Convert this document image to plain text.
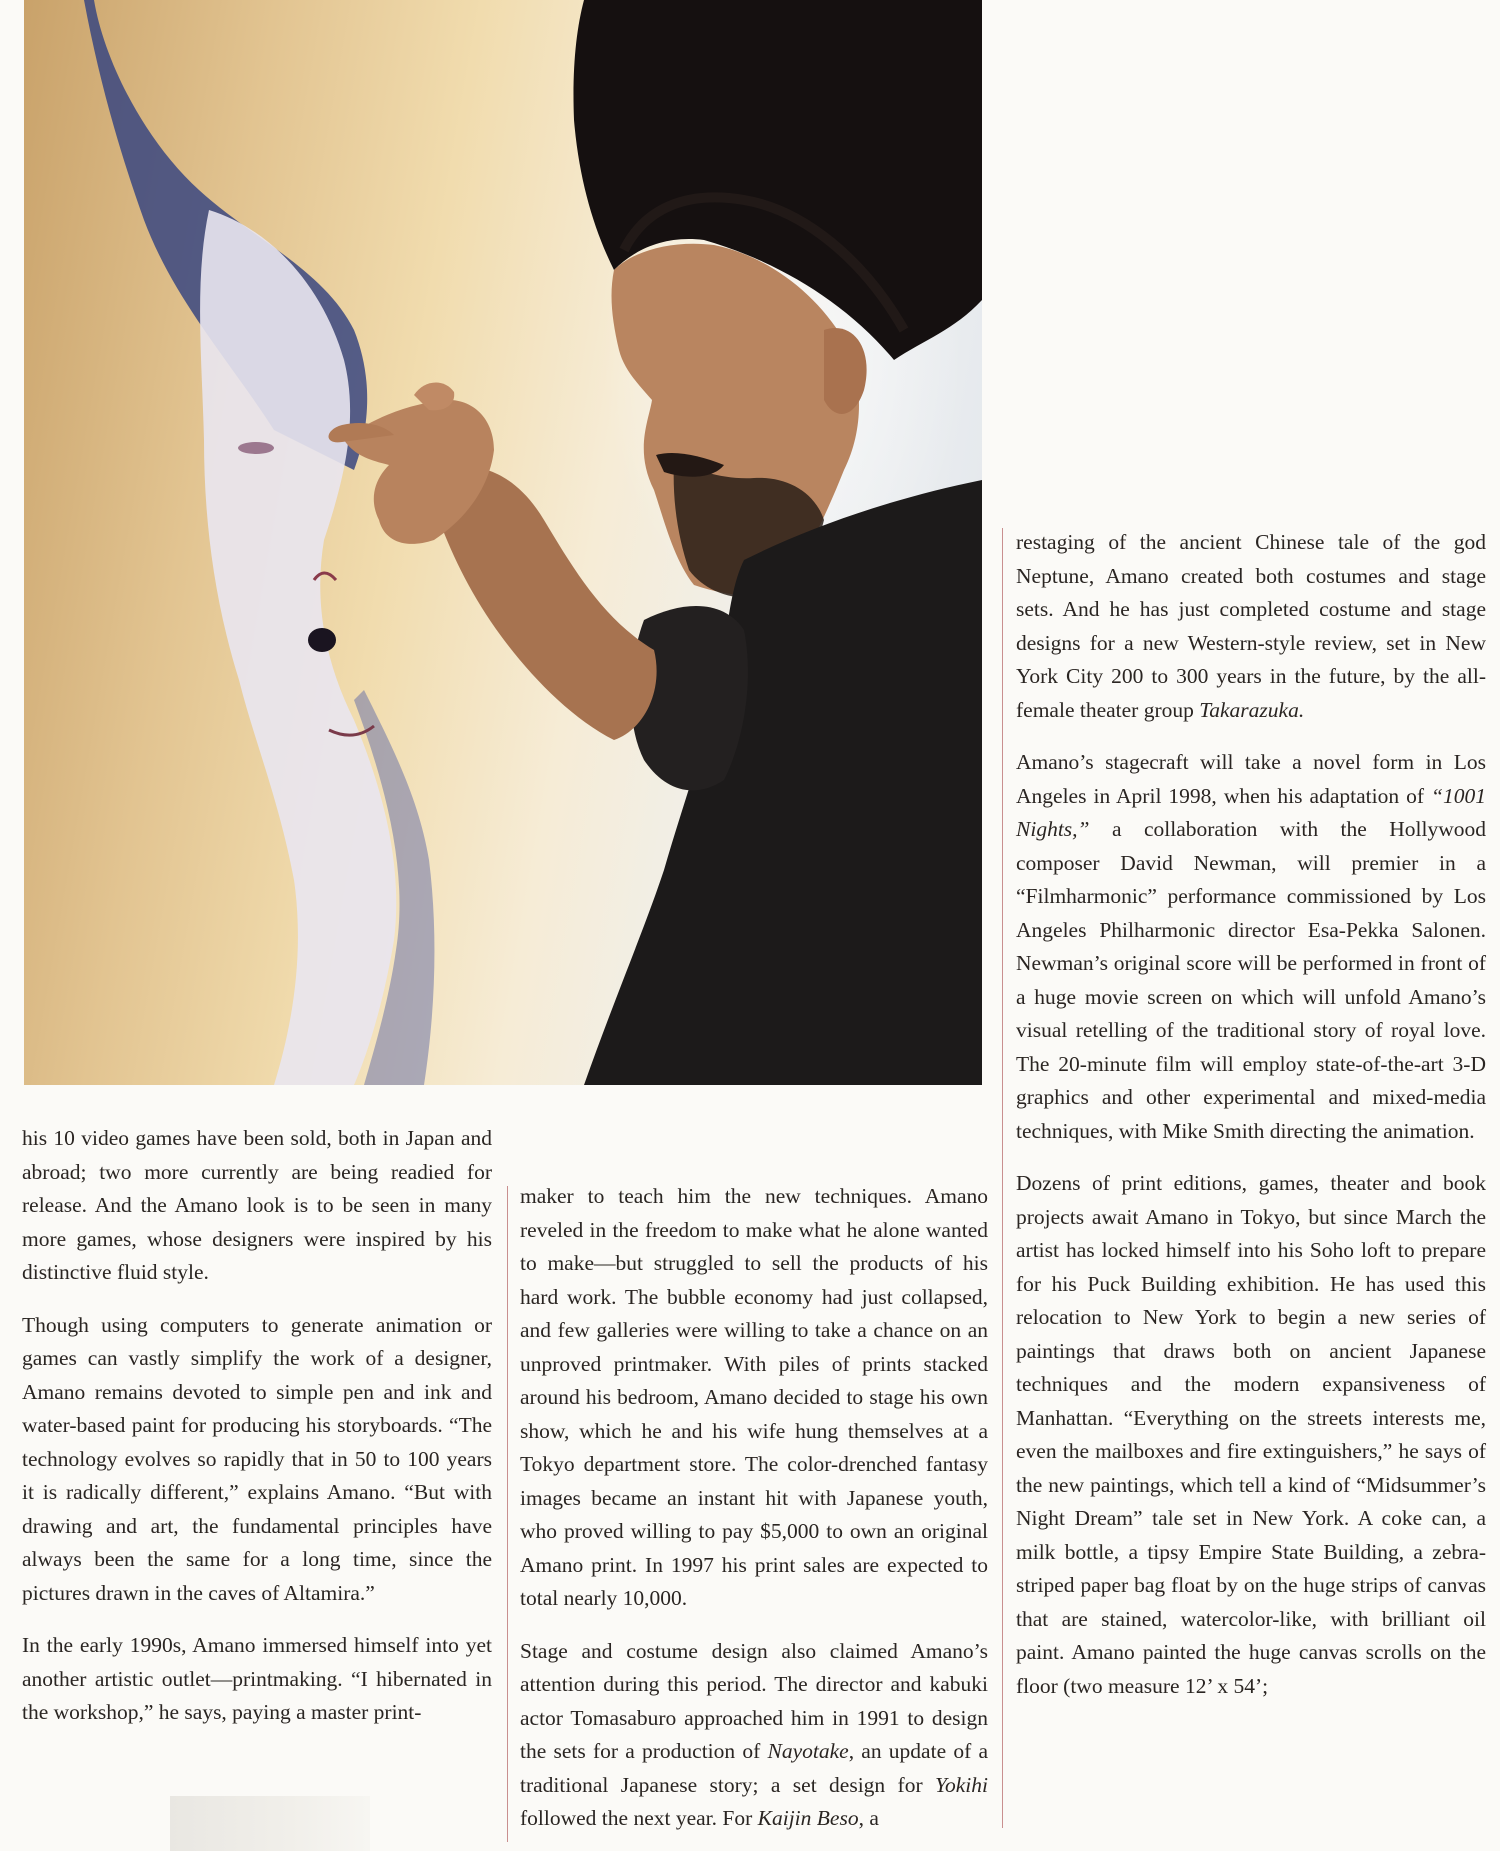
his 10 video games have been sold, both in Japan and abroad; two more currently are being readied for release. And the Amano look is to be seen in many more games, whose designers were inspired by his distinctive fluid style.

Though using computers to generate animation or games can vastly simplify the work of a designer, Amano remains devoted to simple pen and ink and water-based paint for producing his storyboards. “The technology evolves so rapidly that in 50 to 100 years it is radically different,” explains Amano. “But with drawing and art, the fundamental principles have always been the same for a long time, since the pictures drawn in the caves of Altamira.”

In the early 1990s, Amano immersed himself into yet another artistic outlet—printmaking. “I hibernated in the workshop,” he says, paying a master print-

maker to teach him the new techniques. Amano reveled in the freedom to make what he alone wanted to make—but struggled to sell the products of his hard work. The bubble economy had just collapsed, and few galleries were willing to take a chance on an unproved printmaker. With piles of prints stacked around his bedroom, Amano decided to stage his own show, which he and his wife hung themselves at a Tokyo department store. The color-drenched fantasy images became an instant hit with Japanese youth, who proved willing to pay $5,000 to own an original Amano print. In 1997 his print sales are expected to total nearly 10,000.

Stage and costume design also claimed Amano’s attention during this period. The director and kabuki actor Tomasaburo approached him in 1991 to design the sets for a production of Nayotake, an update of a traditional Japanese story; a set design for Yokihi followed the next year. For Kaijin Beso, a

restaging of the ancient Chinese tale of the god Neptune, Amano created both costumes and stage sets. And he has just completed costume and stage designs for a new Western-style review, set in New York City 200 to 300 years in the future, by the all-female theater group Takarazuka.

Amano’s stagecraft will take a novel form in Los Angeles in April 1998, when his adaptation of “1001 Nights,” a collaboration with the Hollywood composer David Newman, will premier in a “Filmharmonic” performance commissioned by Los Angeles Philharmonic director Esa-Pekka Salonen. Newman’s original score will be performed in front of a huge movie screen on which will unfold Amano’s visual retelling of the traditional story of royal love. The 20-minute film will employ state-of-the-art 3-D graphics and other experimental and mixed-media techniques, with Mike Smith directing the animation.

Dozens of print editions, games, theater and book projects await Amano in Tokyo, but since March the artist has locked himself into his Soho loft to prepare for his Puck Building exhibition. He has used this relocation to New York to begin a new series of paintings that draws both on ancient Japanese techniques and the modern expansiveness of Manhattan. “Everything on the streets interests me, even the mailboxes and fire extinguishers,” he says of the new paintings, which tell a kind of “Midsummer’s Night Dream” tale set in New York. A coke can, a milk bottle, a tipsy Empire State Building, a zebra-striped paper bag float by on the huge strips of canvas that are stained, watercolor-like, with brilliant oil paint. Amano painted the huge canvas scrolls on the floor (two measure 12’ x 54’;
